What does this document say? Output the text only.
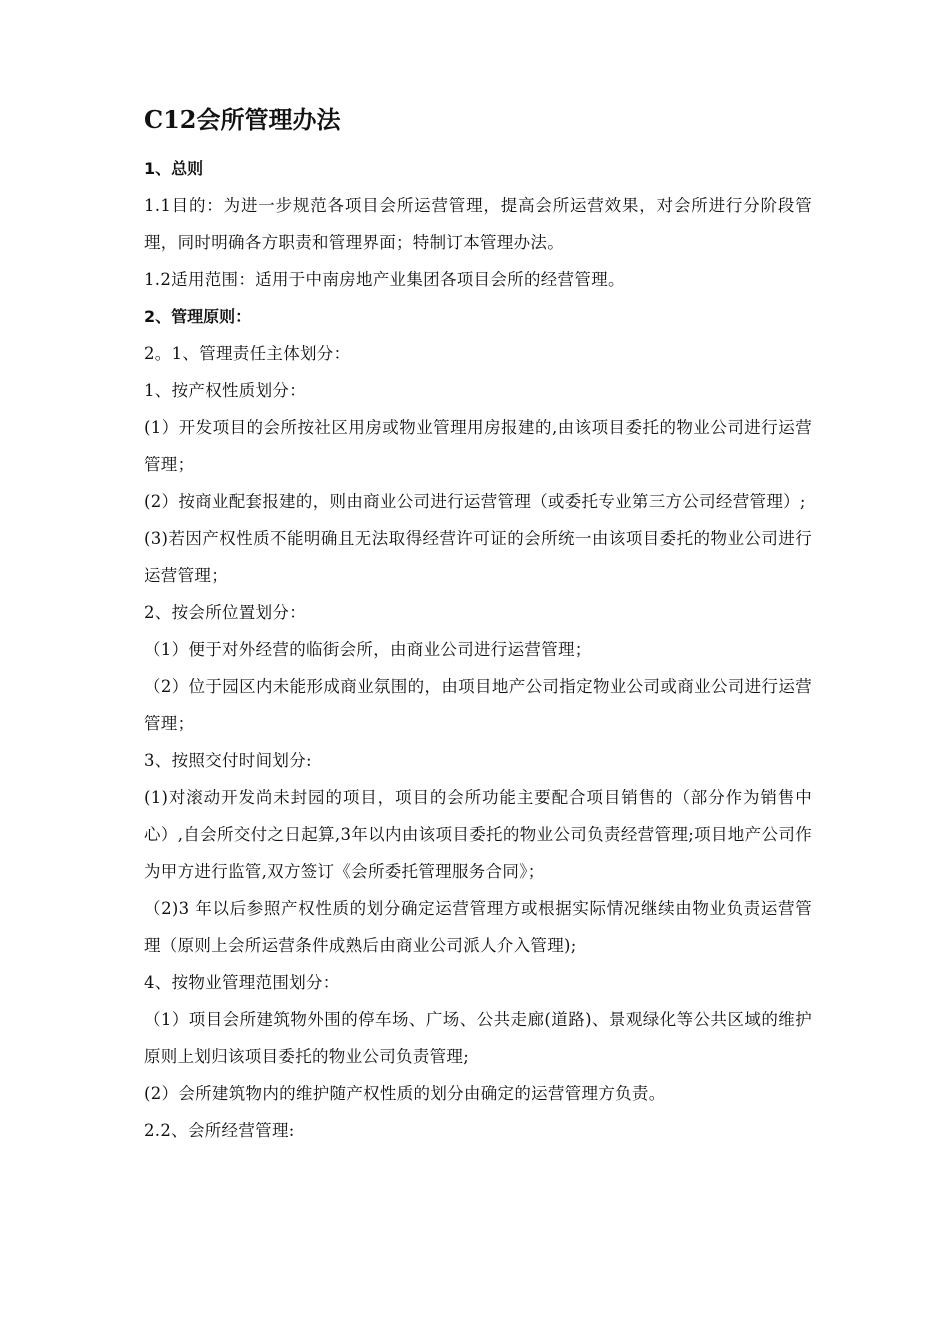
C12会所管理办法

1、总则

1.1目的：为进一步规范各项目会所运营管理，提高会所运营效果，对会所进行分阶段管理，同时明确各方职责和管理界面；特制订本管理办法。

1.2适用范围：适用于中南房地产业集团各项目会所的经营管理。

2、管理原则：

2。1、管理责任主体划分：

1、按产权性质划分：

(1）开发项目的会所按社区用房或物业管理用房报建的,由该项目委托的物业公司进行运营管理；

(2）按商业配套报建的，则由商业公司进行运营管理（或委托专业第三方公司经营管理）;

(3)若因产权性质不能明确且无法取得经营许可证的会所统一由该项目委托的物业公司进行运营管理；

2、按会所位置划分：

（1）便于对外经营的临街会所，由商业公司进行运营管理；

（2）位于园区内未能形成商业氛围的，由项目地产公司指定物业公司或商业公司进行运营管理；

3、按照交付时间划分:

(1)对滚动开发尚未封园的项目，项目的会所功能主要配合项目销售的（部分作为销售中心）,自会所交付之日起算,3年以内由该项目委托的物业公司负责经营管理;项目地产公司作为甲方进行监管,双方签订《会所委托管理服务合同》；

（2)3 年以后参照产权性质的划分确定运营管理方或根据实际情况继续由物业负责运营管理（原则上会所运营条件成熟后由商业公司派人介入管理);

4、按物业管理范围划分：

（1）项目会所建筑物外围的停车场、广场、公共走廊(道路)、景观绿化等公共区域的维护原则上划归该项目委托的物业公司负责管理;

(2）会所建筑物内的维护随产权性质的划分由确定的运营管理方负责。

2.2、会所经营管理:
